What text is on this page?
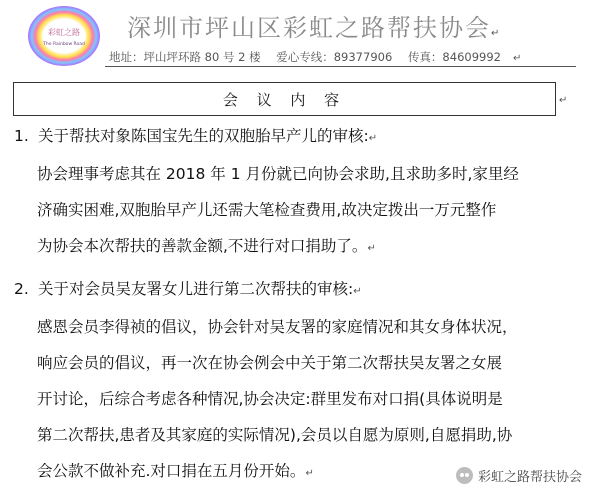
彩虹之路
The Rainbow Road
深圳市坪山区彩虹之路帮扶协会↵
地址：坪山坪环路 80 号 2 楼 爱心专线：89377906 传真：84609992 ↵
会 议 内 容	↵
1. 关于帮扶对象陈国宝先生的双胞胎早产儿的审核:↵
协会理事考虑其在 2018 年 1 月份就已向协会求助,且求助多时,家里经
济确实困难,双胞胎早产儿还需大笔检查费用,故决定拨出一万元整作
为协会本次帮扶的善款金额,不进行对口捐助了。↵
2. 关于对会员吴友署女儿进行第二次帮扶的审核:↵
感恩会员李得祯的倡议，协会针对吴友署的家庭情况和其女身体状况，
响应会员的倡议，再一次在协会例会中关于第二次帮扶吴友署之女展
开讨论，后综合考虑各种情况,协会决定:群里发布对口捐(具体说明是
第二次帮扶,患者及其家庭的实际情况),会员以自愿为原则,自愿捐助,协
会公款不做补充.对口捐在五月份开始。↵	彩虹之路帮扶协会
